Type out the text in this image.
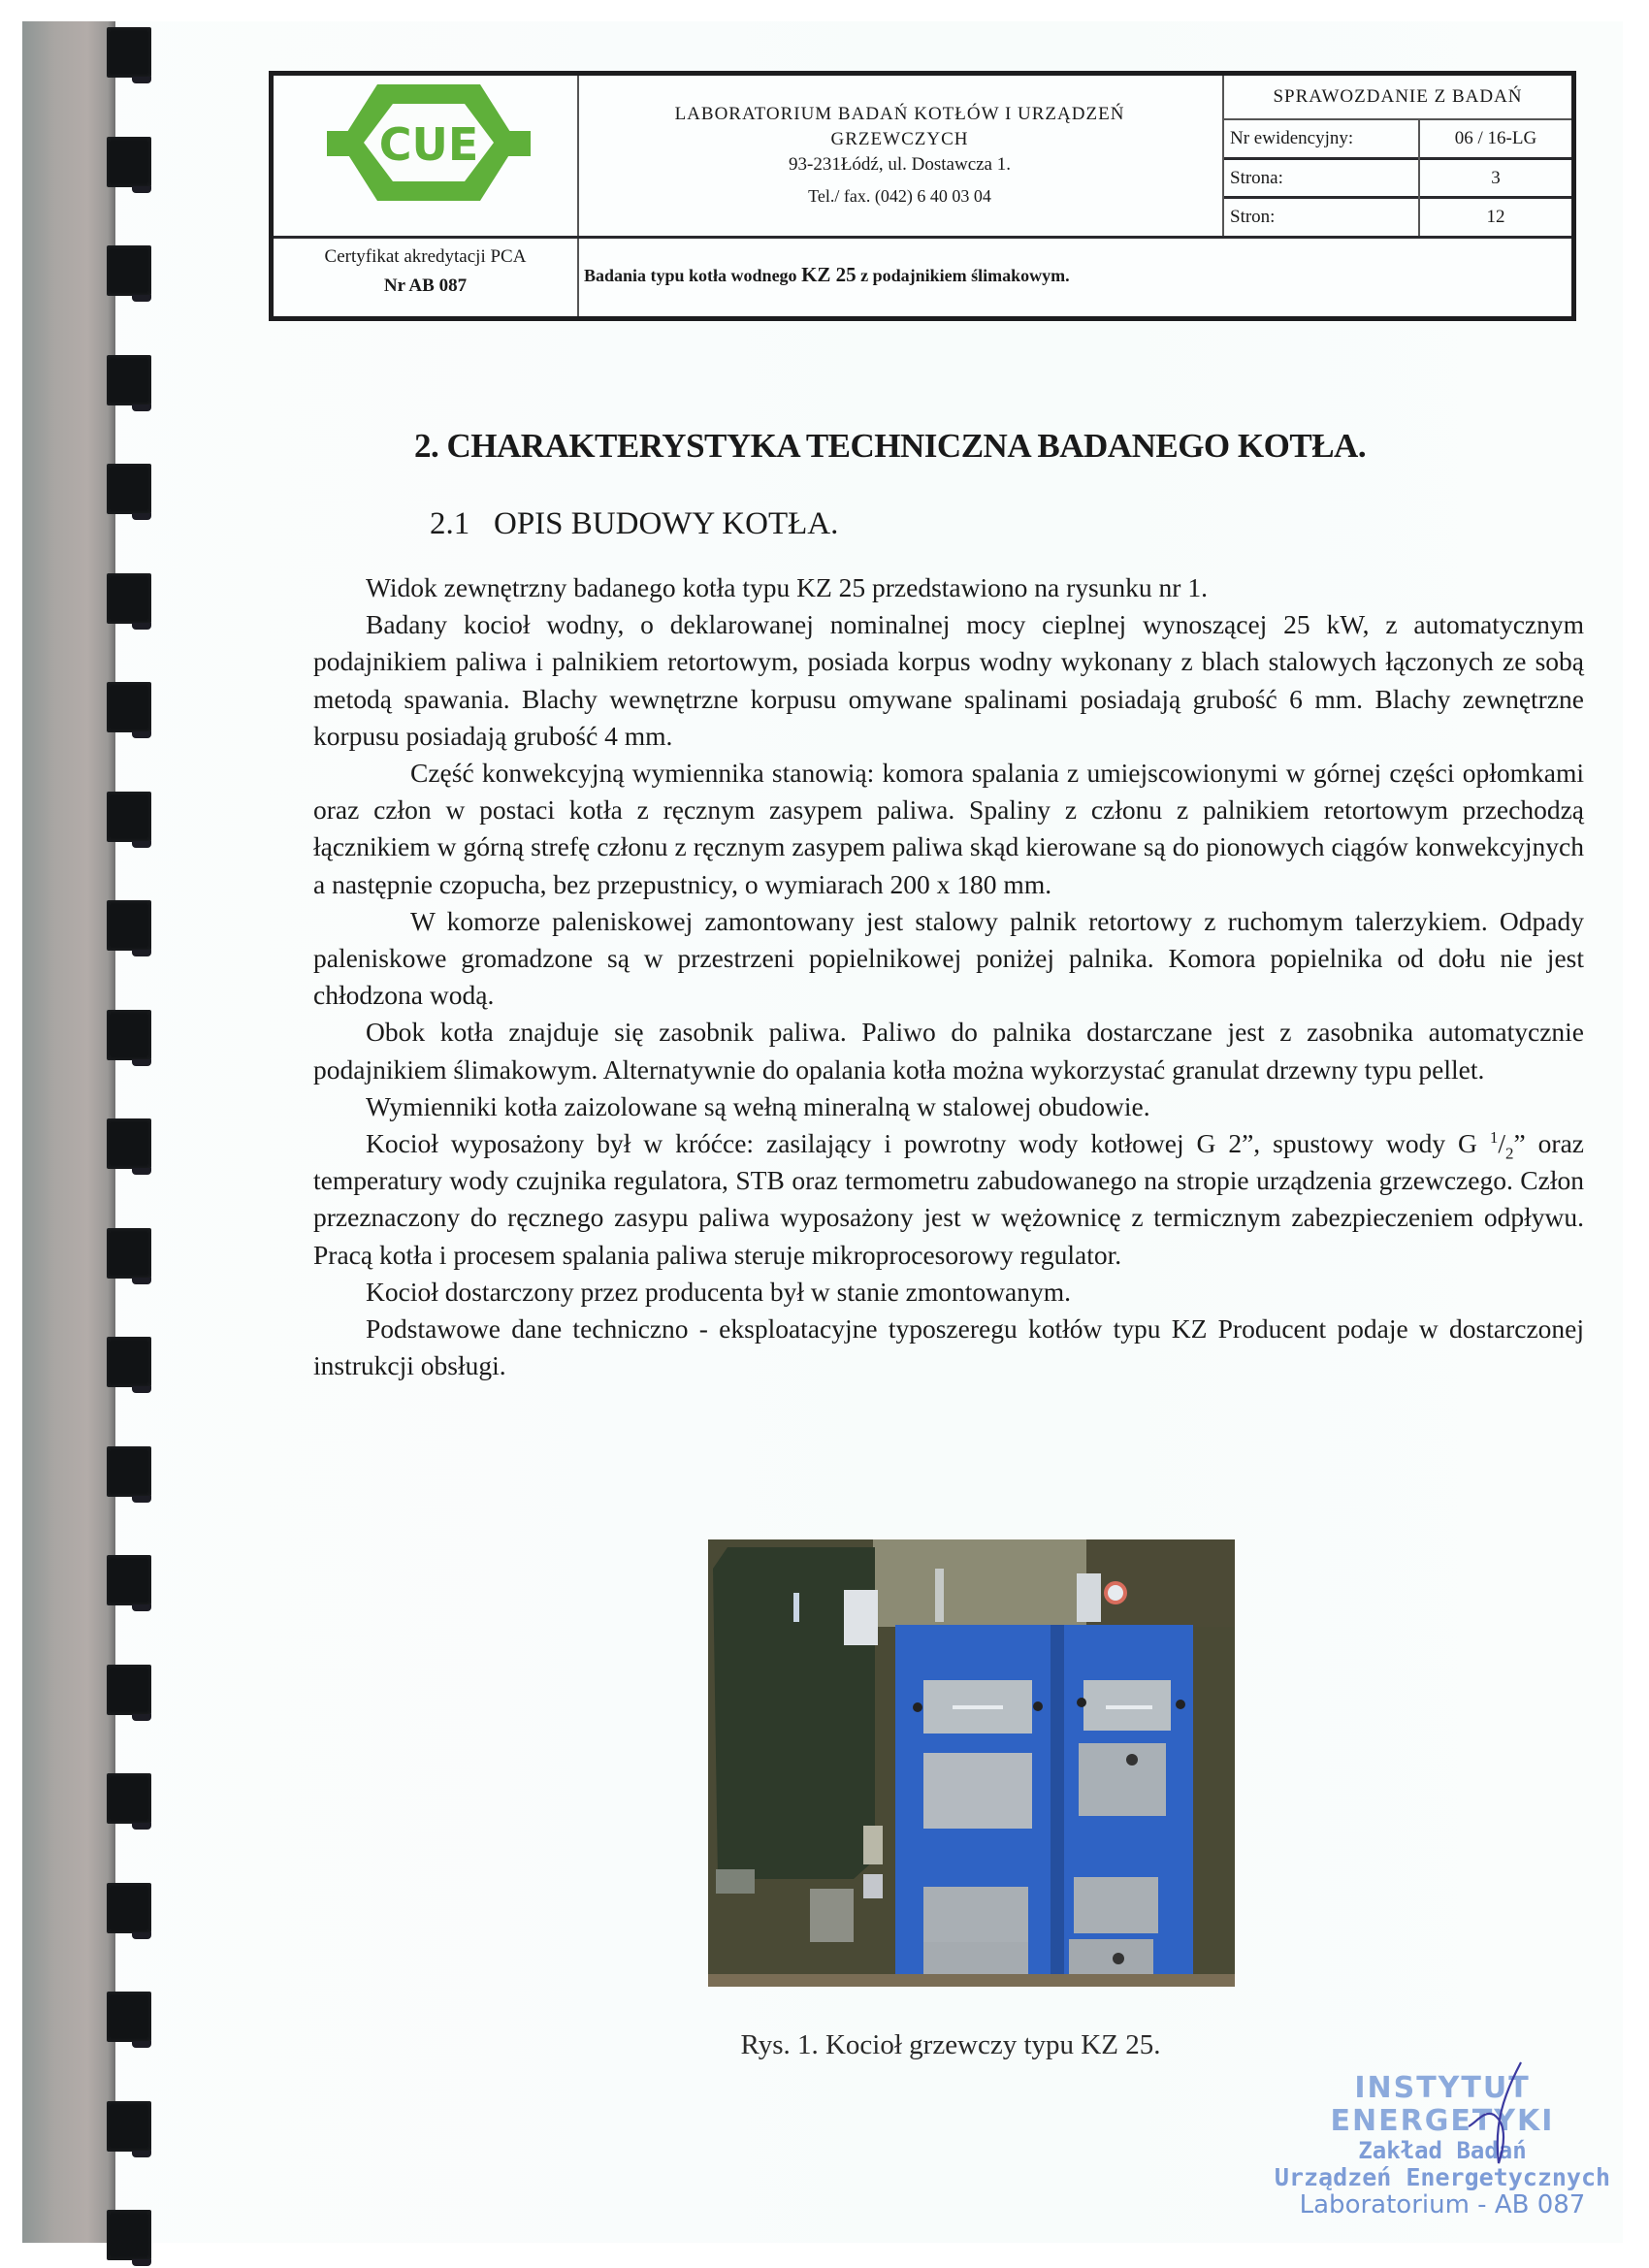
CUE
Certyfikat akredytacji PCA
Nr AB 087
LABORATORIUM BADAŃ KOTŁÓW I URZĄDZEŃ
GRZEWCZYCH
93-231Łódź, ul. Dostawcza 1.
Tel./ fax. (042) 6 40 03 04
Badania typu kotła wodnego KZ 25 z podajnikiem ślimakowym.
SPRAWOZDANIE Z BADAŃ
Nr ewidencyjny:	06 / 16-LG
Strona:	3
Stron:	12
2. CHARAKTERYSTYKA TECHNICZNA BADANEGO KOTŁA.
2.1   OPIS BUDOWY KOTŁA.

Widok zewnętrzny badanego kotła typu KZ 25 przedstawiono na rysunku nr 1.

Badany kocioł wodny, o deklarowanej nominalnej mocy cieplnej wynoszącej 25 kW, z automatycznym podajnikiem paliwa i palnikiem retortowym, posiada korpus wodny wykonany z blach stalowych łączonych ze sobą metodą spawania. Blachy wewnętrzne korpusu omywane spalinami posiadają grubość 6 mm. Blachy zewnętrzne korpusu posiadają grubość 4 mm.

Część konwekcyjną wymiennika stanowią: komora spalania z umiejscowionymi w górnej części opłomkami oraz człon w postaci kotła z ręcznym zasypem paliwa. Spaliny z członu z palnikiem retortowym przechodzą łącznikiem w górną strefę członu z ręcznym zasypem paliwa skąd kierowane są do pionowych ciągów konwekcyjnych a następnie czopucha, bez przepustnicy, o wymiarach 200 x 180 mm.

W komorze paleniskowej zamontowany jest stalowy palnik retortowy z ruchomym talerzykiem. Odpady paleniskowe gromadzone są w przestrzeni popielnikowej poniżej palnika. Komora popielnika od dołu nie jest chłodzona wodą.

Obok kotła znajduje się zasobnik paliwa. Paliwo do palnika dostarczane jest z zasobnika automatycznie podajnikiem ślimakowym. Alternatywnie do opalania kotła można wykorzystać granulat drzewny typu pellet.

Wymienniki kotła zaizolowane są wełną mineralną w stalowej obudowie.

Kocioł wyposażony był w króćce: zasilający i powrotny wody kotłowej G 2”, spustowy wody G $^1/_2$” oraz temperatury wody czujnika regulatora, STB oraz termometru zabudowanego na stropie urządzenia grzewczego. Człon przeznaczony do ręcznego zasypu paliwa wyposażony jest w wężownicę z termicznym zabezpieczeniem odpływu. Pracą kotła i procesem spalania paliwa steruje mikroprocesorowy regulator.

Kocioł dostarczony przez producenta był w stanie zmontowanym.

Podstawowe dane techniczno - eksploatacyjne typoszeregu kotłów typu KZ Producent podaje w dostarczonej instrukcji obsługi.

Rys. 1. Kocioł grzewczy typu KZ 25.
INSTYTUT ENERGETYKI
Zakład Badań
Urządzeń Energetycznych
Laboratorium - AB 087
